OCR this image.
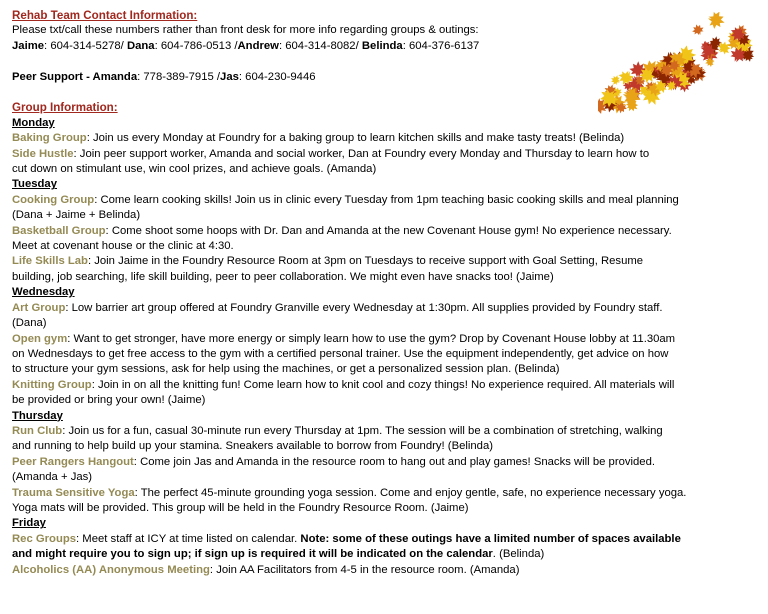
Rehab Team Contact Information:
Please txt/call these numbers rather than front desk for more info regarding groups & outings:
Jaime: 604-314-5278/ Dana: 604-786-0513 /Andrew: 604-314-8082/ Belinda: 604-376-6137
Peer Support - Amanda: 778-389-7915 /Jas: 604-230-9446
Group Information:
Monday
Baking Group: Join us every Monday at Foundry for a baking group to learn kitchen skills and make tasty treats! (Belinda)
Side Hustle: Join peer support worker, Amanda and social worker, Dan at Foundry every Monday and Thursday to learn how to
cut down on stimulant use, win cool prizes, and achieve goals. (Amanda)
Tuesday
Cooking Group: Come learn cooking skills! Join us in clinic every Tuesday from 1pm teaching basic cooking skills and meal planning
(Dana + Jaime + Belinda)
Basketball Group: Come shoot some hoops with Dr. Dan and Amanda at the new Covenant House gym! No experience necessary.
Meet at covenant house or the clinic at 4:30.
Life Skills Lab: Join Jaime in the Foundry Resource Room at 3pm on Tuesdays to receive support with Goal Setting, Resume
building, job searching, life skill building, peer to peer collaboration. We might even have snacks too! (Jaime)
Wednesday
Art Group: Low barrier art group offered at Foundry Granville every Wednesday at 1:30pm. All supplies provided by Foundry staff.
(Dana)
Open gym: Want to get stronger, have more energy or simply learn how to use the gym? Drop by Covenant House lobby at 11.30am
on Wednesdays to get free access to the gym with a certified personal trainer. Use the equipment independently, get advice on how
to structure your gym sessions, ask for help using the machines, or get a personalized session plan. (Belinda)
Knitting Group: Join in on all the knitting fun! Come learn how to knit cool and cozy things! No experience required. All materials will
be provided or bring your own! (Jaime)
Thursday
Run Club: Join us for a fun, casual 30-minute run every Thursday at 1pm. The session will be a combination of stretching, walking
and running to help build up your stamina. Sneakers available to borrow from Foundry! (Belinda)
Peer Rangers Hangout: Come join Jas and Amanda in the resource room to hang out and play games! Snacks will be provided.
(Amanda + Jas)
Trauma Sensitive Yoga: The perfect 45-minute grounding yoga session. Come and enjoy gentle, safe, no experience necessary yoga.
Yoga mats will be provided. This group will be held in the Foundry Resource Room. (Jaime)
Friday
Rec Groups: Meet staff at ICY at time listed on calendar. Note: some of these outings have a limited number of spaces available
and might require you to sign up; if sign up is required it will be indicated on the calendar. (Belinda)
Alcoholics (AA) Anonymous Meeting: Join AA Facilitators from 4-5 in the resource room. (Amanda)
